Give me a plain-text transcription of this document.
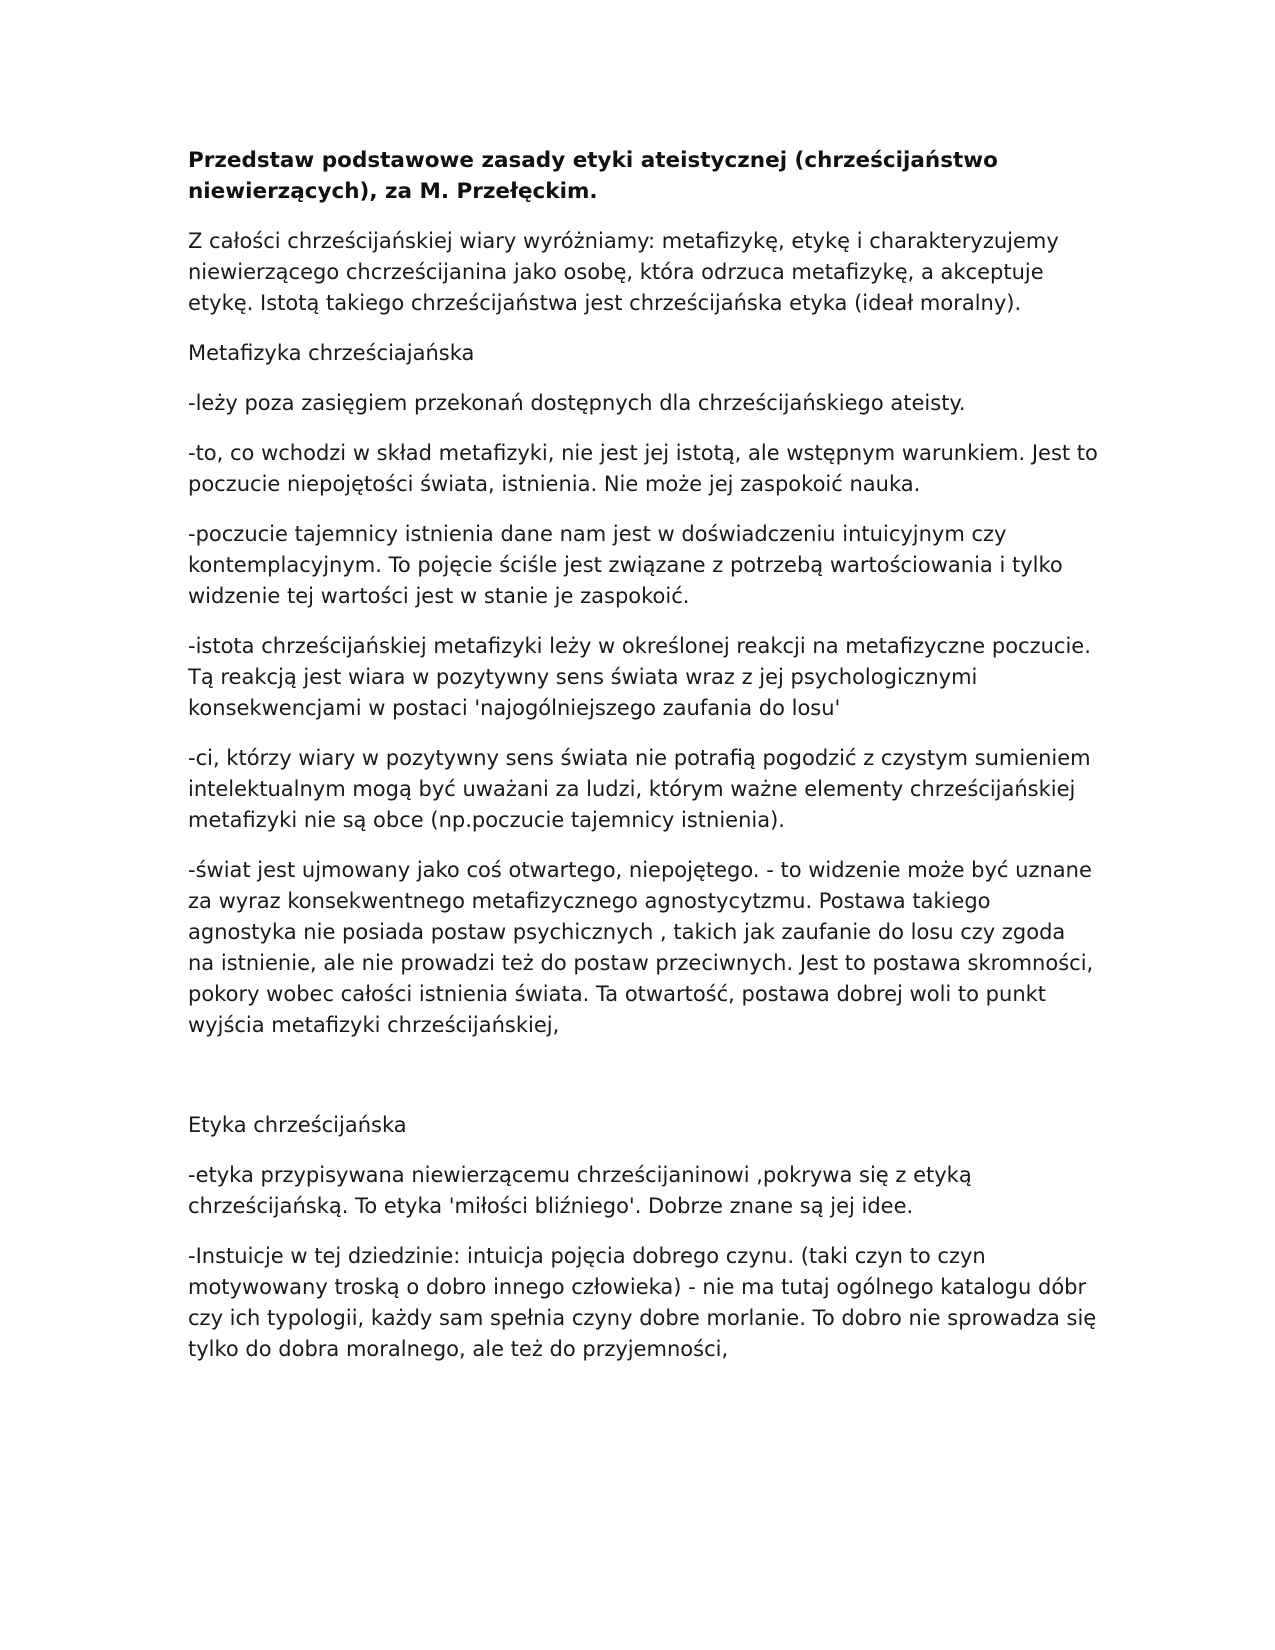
Przedstaw podstawowe zasady etyki ateistycznej (chrześcijaństwo niewierzących), za M. Przełęckim.

Z całości chrześcijańskiej wiary wyróżniamy: metafizykę, etykę i charakteryzujemy niewierzącego chcrześcijanina jako osobę, która odrzuca metafizykę, a akceptuje etykę. Istotą takiego chrześcijaństwa jest chrześcijańska etyka (ideał moralny).

Metafizyka chrześciajańska

-leży poza zasięgiem przekonań dostępnych dla chrześcijańskiego ateisty.

-to, co wchodzi w skład metafizyki, nie jest jej istotą, ale wstępnym warunkiem. Jest to poczucie niepojętości świata, istnienia. Nie może jej zaspokoić nauka.

-poczucie tajemnicy istnienia dane nam jest w doświadczeniu intuicyjnym czy kontemplacyjnym. To pojęcie ściśle jest związane z potrzebą wartościowania i tylko widzenie tej wartości jest w stanie je zaspokoić.

-istota chrześcijańskiej metafizyki leży w określonej reakcji na metafizyczne poczucie. Tą reakcją jest wiara w pozytywny sens świata wraz z jej psychologicznymi konsekwencjami w postaci 'najogólniejszego zaufania do losu'

-ci, którzy wiary w pozytywny sens świata nie potrafią pogodzić z czystym sumieniem intelektualnym mogą być uważani za ludzi, którym ważne elementy chrześcijańskiej metafizyki nie są obce (np.poczucie tajemnicy istnienia).

-świat jest ujmowany jako coś otwartego, niepojętego. - to widzenie może być uznane za wyraz konsekwentnego metafizycznego agnostycytzmu. Postawa takiego agnostyka nie posiada postaw psychicznych , takich jak zaufanie do losu czy zgoda na istnienie, ale nie prowadzi też do postaw przeciwnych. Jest to postawa skromności, pokory wobec całości istnienia świata. Ta otwartość, postawa dobrej woli to punkt wyjścia metafizyki chrześcijańskiej,

Etyka chrześcijańska

-etyka przypisywana niewierzącemu chrześcijaninowi ,pokrywa się z etyką chrześcijańską. To etyka 'miłości bliźniego'. Dobrze znane są jej idee.

-Instuicje w tej dziedzinie: intuicja pojęcia dobrego czynu. (taki czyn to czyn motywowany troską o dobro innego człowieka) - nie ma tutaj ogólnego katalogu dóbr czy ich typologii, każdy sam spełnia czyny dobre morlanie. To dobro nie sprowadza się tylko do dobra moralnego, ale też do przyjemności,
